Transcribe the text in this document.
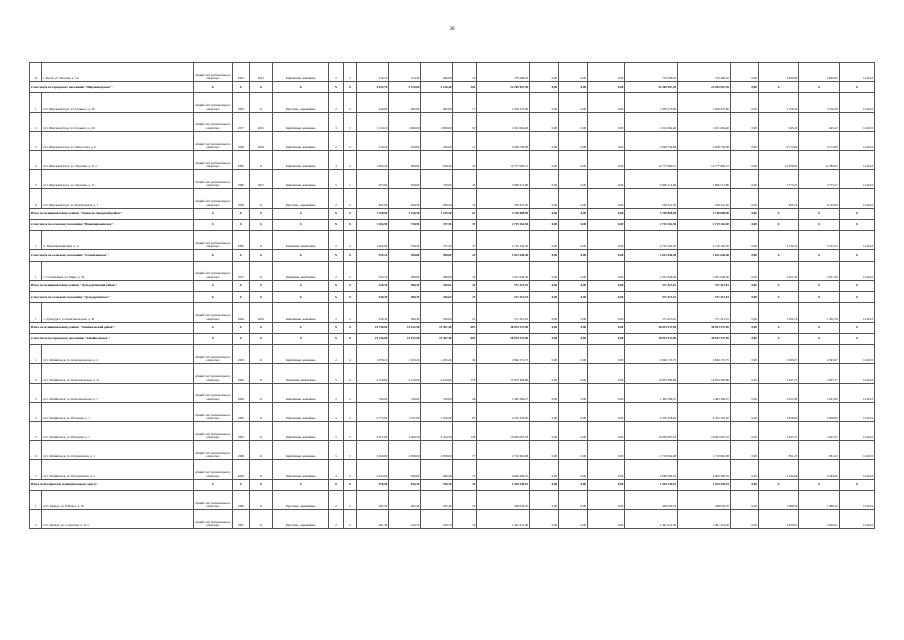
30
31	г. Борзя, ул. Чкалова, д. 5 в	общий счет регионального оператора	1961	2021	Кирпичные, каменные	2	1	316,10	274,40	206,00	10	779 296,02	0,00	0,00	0,00	779 296,02	779 296,02	0,00	2 840,00	2 840,00	12.2023
в том числе по городскому поселению "Шерловогорское":		X	X	X	X	X	X	4 932,70	4 370,00	4 236,40	204	22 209 967,49	0,00	0,00	0,00	22 209 967,49	22 209 967,49	0,00	X	X	X
1	пгт. Шерловая Гора, ул. Горького, д. 30	общий счет регионального оператора	1963	X	Брусовые, деревянные	2	2	426,60	382,00	382,00	17	1 950 275,90	0,00	0,00	0,00	1 950 275,90	1 950 275,90	0,00	5 126,30	5 126,30	12.2023
2	пгт. Шерловая Гора, ул. Горького, д. 29	общий счет регионального оператора	1977	2021	Кирпичные, каменные	3	3	1 110,10	1 000,00	1 000,00	50	1 021 064,40	0,00	0,00	0,00	1 021 064,40	1 021 064,40	0,00	945,43	945,43	12.2023
3	пгт. Шерловая Гора, ул. Матросова, д. 6	общий счет регионального оператора	1959	2019	Кирпичные, каменные	2	2	519,20	459,00	459,00	12	2 028 730,98	0,00	0,00	0,00	2 028 730,98	2 028 730,98	0,00	6 172,09	6 172,09	12.2023
4	пгт. Шерловая Гора, ул. Торговая, д. 11 а	общий счет регионального оператора	1985	X	Кирпичные, каменные	3	2	1 003,20	999,00	918,40	45	12 777 060,15	0,00	0,00	0,00	12 777 060,15	12 777 060,15	0,00	12 789,85	12 789,85	12.2023
5	пгт. Шерловая Гора, ул. Торговая, д. 17	общий счет регионального оператора	1986	2017	Кирпичные, каменные	5	1	973,60	818,00	729,00	45	3 096 514,86	0,00	0,00	0,00	3 096 514,86	3 096 514,86	0,00	3 773,27	3 773,27	12.2023
6	пгт. Шерловая Гора, ул. Центральная, д. 7	общий счет регионального оператора	1958	X	Брусовые, деревянные	2	2	692,00	639,20	639,20	35	538 321,20	0,00	0,00	0,00	538 321,20	538 321,20	0,00	842,16	6 132,09	12.2023
Итого по муниципальному району "Газимуро-Заводский район":		X	X	X	X	X	X	1 760,00	1 226,50	1 235,50	61	3 740 808,90	0,00	0,00	0,00	3 740 808,90	3 740 808,90	0,00	X	X	X
в том числе по сельскому поселению "Новоширокинское":		X	X	X	X	X	X	1 204,90	728,50	737,50	37	2 719 162,50	0,00	0,00	0,00	2 719 162,50	2 719 162,50	0,00	X	X	X
1	п. Новоширокинский, д. 11	общий счет регионального оператора	1985	X	Каменные, кирпичные	2	2	1 204,90	728,50	737,50	37	2 719 162,50	0,00	0,00	0,00	2 719 162,50	2 719 162,50	0,00	3 732,55	3 732,55	12.2023
в том числе по сельскому поселению "Солонеченское":		X	X	X	X	X	X	555,10	498,00	498,00	24	1 021 646,40	0,00	0,00	0,00	1 021 646,40	1 021 646,40	0,00	X	X	X
1	с. Солонечный, ул. Мира, д. 34	общий счет регионального оператора	1975	X	Каменные, кирпичные	2	2	555,10	498,00	498,00	24	1 021 646,40	0,00	0,00	0,00	1 021 646,40	1 021 646,40	0,00	2 051,30	2 051,30	12.2023
Итого по муниципальному району "Дульдургинский район":		X	X	X	X	X	X	430,30	380,39	356,64	25	571 413,01	0,00	0,00	0,00	571 413,01	571 413,01	0,00	X	X	X
в том числе по сельскому поселению "Дульдургинское":		X	X	X	X	X	X	430,30	380,39	356,64	25	571 413,01	0,00	0,00	0,00	571 413,01	571 413,01	0,00	X	X	X
1	с. Дульдурга, ул. Комсомольская, д. 30	общий счет регионального оператора	1964	2022	Кирпичные, каменные	2	2	430,30	380,39	356,64	25	571 413,01	0,00	0,00	0,00	571 413,01	571 413,01	0,00	1 502,18	1 502,18	12.2023
Итого по муниципальному району "Забайкальский район":		X	X	X	X	X	X	19 746,00	14 192,90	13 307,40	603	38 033 537,89	0,00	0,00	0,00	38 033 537,89	38 033 537,89	0,00	X	X	X
в том числе по городскому поселению "Забайкальское":		X	X	X	X	X	X	19 746,00	14 192,90	13 307,40	603	38 033 537,89	0,00	0,00	0,00	38 033 537,89	38 033 537,89	0,00	X	X	X
1	пгт. Забайкальск, ул. Комсомольская, д. 2	общий счет регионального оператора	1963	X	Кирпичные, каменные	2	4	1 678,10	1 203,20	1 203,20	34	2 846 172,75	0,00	0,00	0,00	2 846 172,75	2 846 172,75	0,00	2 365,67	2 365,67	12.2023
2	пгт. Забайкальск, ул. Комсомольская, д. 21	общий счет регионального оператора	1992	X	Каменные, кирпичные	5	6	4 759,90	4 310,00	4 014,60	179	12 853 384,86	0,00	0,00	0,00	12 853 384,86	12 853 384,86	0,00	3 047,27	3 047,27	12.2023
3	пгт. Забайкальск, ул. Комсомольская, д. 7	общий счет регионального оператора	1969	X	Кирпичные, каменные	2	2	796,00	740,00	740,00	26	1 495 584,27	0,00	0,00	0,00	1 495 584,27	1 495 584,27	0,00	2 021,06	2 021,06	12.2023
4	пгт. Забайкальск, ул. Нагорная, д. 1	общий счет регионального оператора	1995	X	Кирпичные, каменные	5	2	2 775,00	1 537,90	1 226,90	67	4 355 318,20	0,00	0,00	0,00	4 355 318,20	4 355 318,20	0,00	2 858,00	2 858,00	12.2023
5	пгт. Забайкальск, ул. Нагорная, д. 7	общий счет регионального оператора	1995	X	Кирпичные, каменные	5	5	4 227,60	3 499,20	3 424,50	129	10 663 007,18	0,00	0,00	0,00	10 663 007,18	10 663 007,18	0,00	3 047,27	3 047,27	12.2023
6	пгт. Забайкальск, ул. Пограничная, д. 1	общий счет регионального оператора	1968	X	Кирпичные, каменные	5	3	3 269,00	2 058,00	2 058,00	77	1 710 662,08	0,00	0,00	0,00	1 710 662,08	1 710 662,08	0,00	831,23	831,23	12.2023
7	пгт. Забайкальск, ул. Пограничная, д. 2	общий счет регионального оператора	2009	X	Кирпичные, каменные	3	2	2 032,00	936,60	640,40	72	4 069 286,55	0,00	0,00	0,00	4 069 286,55	4 069 286,55	0,00	4 344,66	4 344,66	12.2023
Итого по Каларскому муниципальному округу:		X	X	X	X	X	X	978,90	816,10	766,10	35	1 929 249,19	0,00	0,00	0,00	1 929 249,19	1 929 249,19	0,00	X	X	X
1	п/ст. Куанда, ул. 8 Марта, д. 10	общий счет регионального оператора	1989	X	Брусовые, деревянные	2	2	487,50	405,40	355,40	19	438 034,70	0,00	0,00	0,00	438 034,70	438 034,70	0,00	1 080,50	1 080,50	12.2023
2	п/ст. Куанда, ул. Советская, д. 12 а	общий счет регионального оператора	1991	X	Брусовые, деревянные	2	2	491,40	410,70	410,70	16	1 491 214,49	0,00	0,00	0,00	1 491 214,49	1 491 214,49	0,00	3 630,91	3 630,91	12.2023
